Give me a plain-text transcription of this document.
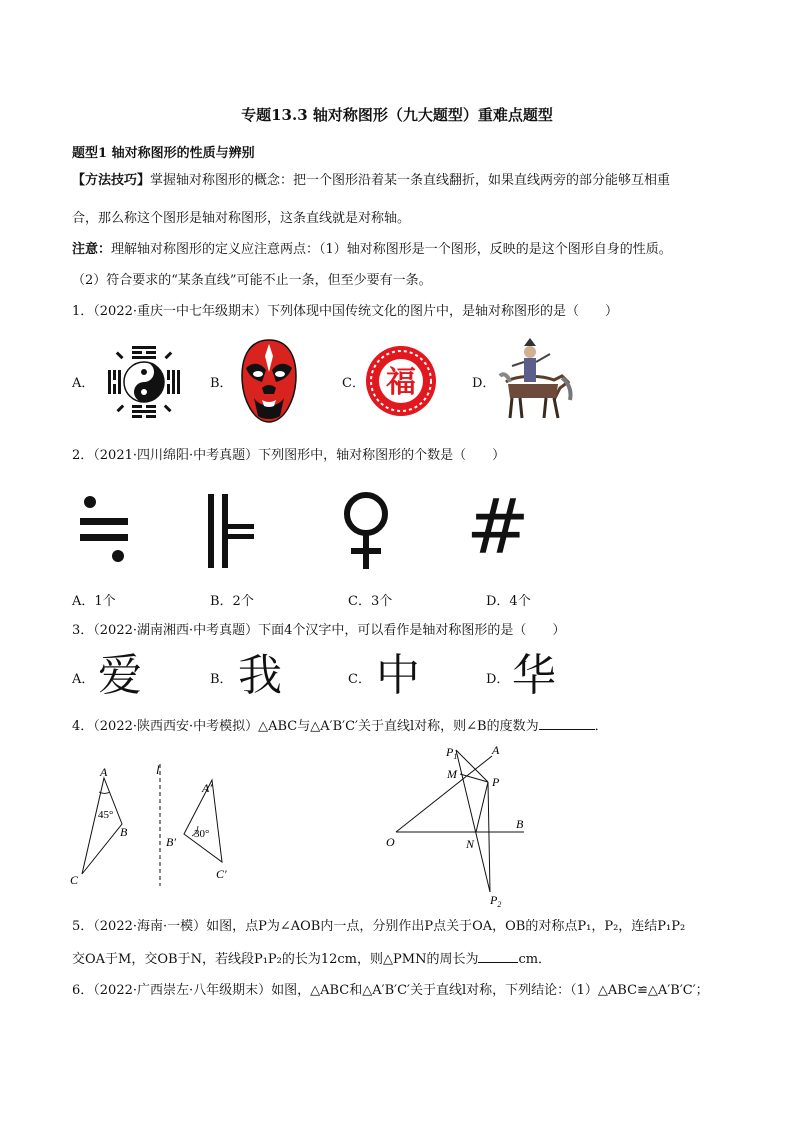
专题13.3 轴对称图形（九大题型）重难点题型
题型1 轴对称图形的性质与辨别
【方法技巧】掌握轴对称图形的概念：把一个图形沿着某一条直线翻折，如果直线两旁的部分能够互相重
合，那么称这个图形是轴对称图形，这条直线就是对称轴。
注意：理解轴对称图形的定义应注意两点：（1）轴对称图形是一个图形，反映的是这个图形自身的性质。
（2）符合要求的“某条直线”可能不止一条，但至少要有一条。
1．（2022·重庆一中七年级期末）下列体现中国传统文化的图片中，是轴对称图形的是（　　）
A．	B．	C． 福	D．
2．（2021·四川绵阳·中考真题）下列图形中，轴对称图形的个数是（　　）
#
A．1个	B．2个	C．3个	D．4个
3．（2022·湖南湘西·中考真题）下面4个汉字中，可以看作是轴对称图形的是（　　）
A． 爱	B． 我	C． 中	D． 华
4．（2022·陕西西安·中考模拟）△ABC与△A′B′C′关于直线l对称，则∠B的度数为	．
A
B
C
45°
l
A′
B′
C′
30°
$P_1$	A
M
P
O	N
B
$P_2$
5．（2022·海南·一模）如图，点P为∠AOB内一点，分别作出P点关于OA，OB的对称点P₁，P₂，连结P₁P₂
交OA于M，交OB于N，若线段P₁P₂的长为12cm，则△PMN的周长为	cm．
6．（2022·广西崇左·八年级期末）如图，△ABC和△A′B′C′关于直线l对称，下列结论：（1）△ABC≌△A′B′C′；
